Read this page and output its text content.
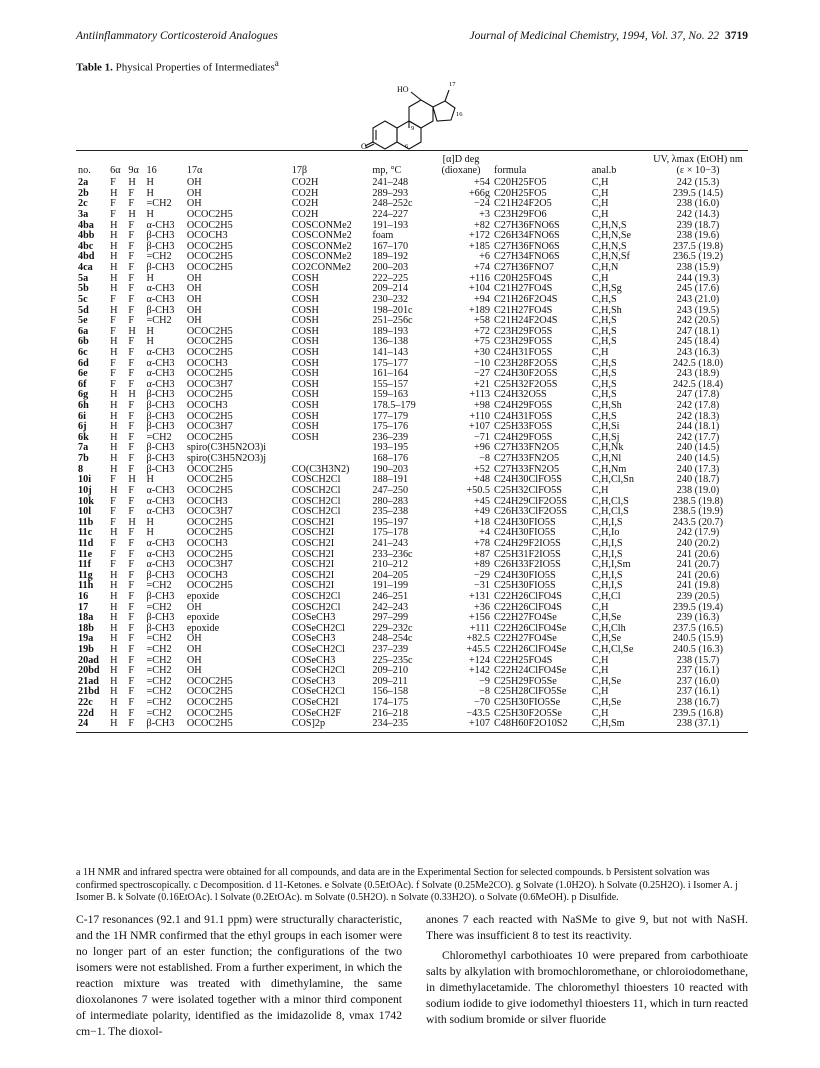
Antiinflammatory Corticosteroid Analogues	Journal of Medicinal Chemistry, 1994, Vol. 37, No. 22 3719
Table 1. Physical Properties of Intermediates$^a$
O
HO
17
16
9
6
no.	6α	9α	16	17α	17β	mp, °C	[α]D deg (dioxane)	formula	anal.b	UV, λmax (EtOH) nm (ε × 10−3)
2a	F	H	H	OH	CO2H	241–248	+54	C20H25FO5	C,H	242 (15.3)
2b	H	F	H	OH	CO2H	289–293	+66g	C20H25FO5	C,H	239.5 (14.5)
2c	F	F	=CH2	OH	CO2H	248–252c	−24	C21H24F2O5	C,H	238 (16.0)
3a	F	H	H	OCOC2H5	CO2H	224–227	+3	C23H29FO6	C,H	242 (14.3)
4ba	H	F	α-CH3	OCOC2H5	COSCONMe2	191–193	+82	C27H36FNO6S	C,H,N,S	239 (18.7)
4bb	H	F	β-CH3	OCOCH3	COSCONMe2	foam	+172	C26H34FNO6S	C,H,N,Se	238 (19.6)
4bc	H	F	β-CH3	OCOC2H5	COSCONMe2	167–170	+185	C27H36FNO6S	C,H,N,S	237.5 (19.8)
4bd	H	F	=CH2	OCOC2H5	COSCONMe2	189–192	+6	C27H34FNO6S	C,H,N,Sf	236.5 (19.2)
4ca	H	F	β-CH3	OCOC2H5	CO2CONMe2	200–203	+74	C27H36FNO7	C,H,N	238 (15.9)
5a	H	F	H	OH	COSH	222–225	+116	C20H25FO4S	C,H	244 (19.3)
5b	H	F	α-CH3	OH	COSH	209–214	+104	C21H27FO4S	C,H,Sg	245 (17.6)
5c	F	F	α-CH3	OH	COSH	230–232	+94	C21H26F2O4S	C,H,S	243 (21.0)
5d	H	F	β-CH3	OH	COSH	198–201c	+189	C21H27FO4S	C,H,Sh	243 (19.5)
5e	F	F	=CH2	OH	COSH	251–256c	+58	C21H24F2O4S	C,H,S	242 (20.5)
6a	F	H	H	OCOC2H5	COSH	189–193	+72	C23H29FO5S	C,H,S	247 (18.1)
6b	H	F	H	OCOC2H5	COSH	136–138	+75	C23H29FO5S	C,H,S	245 (18.4)
6c	H	F	α-CH3	OCOC2H5	COSH	141–143	+30	C24H31FO5S	C,H	243 (16.3)
6d	F	F	α-CH3	OCOCH3	COSH	175–177	−10	C23H28F2O5S	C,H,S	242.5 (18.0)
6e	F	F	α-CH3	OCOC2H5	COSH	161–164	−27	C24H30F2O5S	C,H,S	243 (18.9)
6f	F	F	α-CH3	OCOC3H7	COSH	155–157	+21	C25H32F2O5S	C,H,S	242.5 (18.4)
6g	H	H	β-CH3	OCOC2H5	COSH	159–163	+113	C24H32O5S	C,H,S	247 (17.8)
6h	H	F	β-CH3	OCOCH3	COSH	178.5–179	+98	C24H29FO5S	C,H,Sh	242 (17.8)
6i	H	F	β-CH3	OCOC2H5	COSH	177–179	+110	C24H31FO5S	C,H,S	242 (18.3)
6j	H	F	β-CH3	OCOC3H7	COSH	175–176	+107	C25H33FO5S	C,H,Si	244 (18.1)
6k	H	F	=CH2	OCOC2H5	COSH	236–239	−71	C24H29FO5S	C,H,Sj	242 (17.7)
7a	H	F	β-CH3	spiro(C3H5N2O3)i		193–195	+96	C27H33FN2O5	C,H,Nk	240 (14.5)
7b	H	F	β-CH3	spiro(C3H5N2O3)j		168–176	−8	C27H33FN2O5	C,H,Nl	240 (14.5)
8	H	F	β-CH3	OCOC2H5	CO(C3H3N2)	190–203	+52	C27H33FN2O5	C,H,Nm	240 (17.3)
10i	F	H	H	OCOC2H5	COSCH2Cl	188–191	+48	C24H30ClFO5S	C,H,Cl,Sn	240 (18.7)
10j	H	F	α-CH3	OCOC2H5	COSCH2Cl	247–250	+50.5	C25H32ClFO5S	C,H	238 (19.0)
10k	F	F	α-CH3	OCOCH3	COSCH2Cl	280–283	+45	C24H29ClF2O5S	C,H,Cl,S	238.5 (19.8)
10l	F	F	α-CH3	OCOC3H7	COSCH2Cl	235–238	+49	C26H33ClF2O5S	C,H,Cl,S	238.5 (19.9)
11b	F	H	H	OCOC2H5	COSCH2I	195–197	+18	C24H30FIO5S	C,H,I,S	243.5 (20.7)
11c	H	F	H	OCOC2H5	COSCH2I	175–178	+4	C24H30FIO5S	C,H,Io	242 (17.9)
11d	F	F	α-CH3	OCOCH3	COSCH2I	241–243	+78	C24H29F2IO5S	C,H,I,S	240 (20.2)
11e	F	F	α-CH3	OCOC2H5	COSCH2I	233–236c	+87	C25H31F2IO5S	C,H,I,S	241 (20.6)
11f	F	F	α-CH3	OCOC3H7	COSCH2I	210–212	+89	C26H33F2IO5S	C,H,I,Sm	241 (20.7)
11g	H	F	β-CH3	OCOCH3	COSCH2I	204–205	−29	C24H30FIO5S	C,H,I,S	241 (20.6)
11h	H	F	=CH2	OCOC2H5	COSCH2I	191–199	−31	C25H30FIO5S	C,H,I,S	241 (19.8)
16	H	F	β-CH3	epoxide	COSCH2Cl	246–251	+131	C22H26ClFO4S	C,H,Cl	239 (20.5)
17	H	F	=CH2	OH	COSCH2Cl	242–243	+36	C22H26ClFO4S	C,H	239.5 (19.4)
18a	H	F	β-CH3	epoxide	COSeCH3	297–299	+156	C22H27FO4Se	C,H,Se	239 (16.3)
18b	H	F	β-CH3	epoxide	COSeCH2Cl	229–232c	+111	C22H26ClFO4Se	C,H,Clh	237.5 (16.5)
19a	H	F	=CH2	OH	COSeCH3	248–254c	+82.5	C22H27FO4Se	C,H,Se	240.5 (15.9)
19b	H	F	=CH2	OH	COSeCH2Cl	237–239	+45.5	C22H26ClFO4Se	C,H,Cl,Se	240.5 (16.3)
20ad	H	F	=CH2	OH	COSeCH3	225–235c	+124	C22H25FO4S	C,H	238 (15.7)
20bd	H	F	=CH2	OH	COSeCH2Cl	209–210	+142	C22H24ClFO4Se	C,H	237 (16.1)
21ad	H	F	=CH2	OCOC2H5	COSeCH3	209–211	−9	C25H29FO5Se	C,H,Se	237 (16.0)
21bd	H	F	=CH2	OCOC2H5	COSeCH2Cl	156–158	−8	C25H28ClFO5Se	C,H	237 (16.1)
22c	H	F	=CH2	OCOC2H5	COSeCH2I	174–175	−70	C25H30FIO5Se	C,H,Se	238 (16.7)
22d	H	F	=CH2	OCOC2H5	COSeCH2F	216–218	−43.5	C25H30F2O5Se	C,H	239.5 (16.8)
24	H	F	β-CH3	OCOC2H5	COS]2p	234–235	+107	C48H60F2O10S2	C,H,Sm	238 (37.1)
a 1H NMR and infrared spectra were obtained for all compounds, and data are in the Experimental Section for selected compounds. b Persistent solvation was confirmed spectroscopically. c Decomposition. d 11-Ketones. e Solvate (0.5EtOAc). f Solvate (0.25Me2CO). g Solvate (1.0H2O). h Solvate (0.25H2O). i Isomer A. j Isomer B. k Solvate (0.16EtOAc). l Solvate (0.2EtOAc). m Solvate (0.5H2O). n Solvate (0.33H2O). o Solvate (0.6MeOH). p Disulfide.

C-17 resonances (92.1 and 91.1 ppm) were structurally characteristic, and the 1H NMR confirmed that the ethyl groups in each isomer were no longer part of an ester function; the configurations of the two isomers were not established. From a further experiment, in which the reaction mixture was treated with dimethylamine, the same dioxolanones 7 were isolated together with a minor third component of intermediate polarity, identified as the imidazolide 8, νmax 1742 cm−1. The dioxol-

anones 7 each reacted with NaSMe to give 9, but not with NaSH. There was insufficient 8 to test its reactivity.

Chloromethyl carbothioates 10 were prepared from carbothioate salts by alkylation with bromochloromethane, or chloroiodomethane, in dimethylacetamide. The chloromethyl thioesters 10 reacted with sodium iodide to give iodomethyl thioesters 11, which in turn reacted with sodium bromide or silver fluoride
